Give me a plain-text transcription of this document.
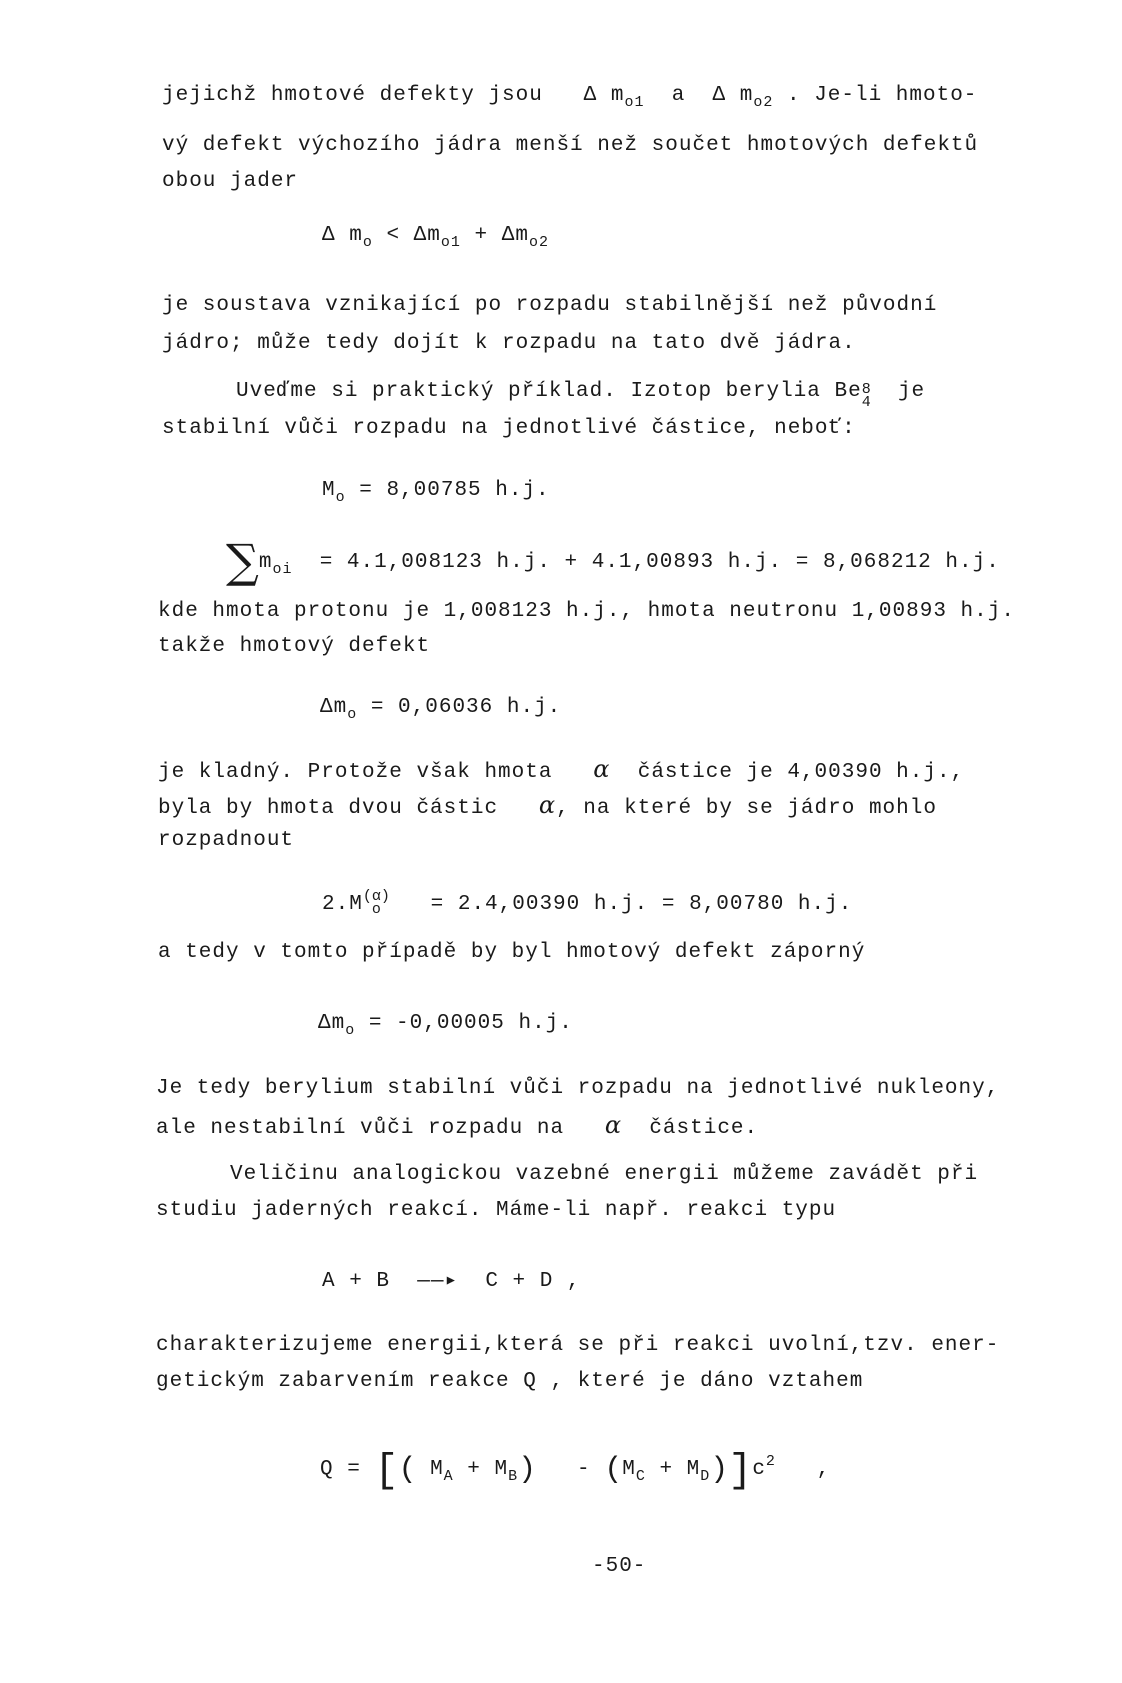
jejichž hmotové defekty jsou Δ $m_{o1}$ a Δ $m_{o2}$ . Je-li hmoto-
vý defekt výchozího jádra menší než součet hmotových defektů
obou jader
Δ $m_o < \Delta m_{o1} + \Delta m_{o2}$
je soustava vznikající po rozpadu stabilnější než původní
jádro; může tedy dojít k rozpadu na tato dvě jádra.
Uveďme si praktický příklad. Izotop berylia Be 8
4 je
stabilní vůči rozpadu na jednotlivé částice, neboť:
$M_o = 8,00785$ h.j.
$\sum m_{oi} = 4.1,008123$ h.j. + 4.1,00893 h.j. = 8,068212 h.j.
kde hmota protonu je 1,008123 h.j., hmota neutronu 1,00893 h.j.
takže hmotový defekt
$\Delta m_o = 0,06036$ h.j.
je kladný. Protože však hmota α částice je 4,00390 h.j.,
byla by hmota dvou částic α, na které by se jádro mohlo
rozpadnout
2.M (α)
o	= 2.4,00390 h.j. = 8,00780 h.j.
a tedy v tomto případě by byl hmotový defekt záporný
$\Delta m_o = -0,00005$ h.j.
Je tedy berylium stabilní vůči rozpadu na jednotlivé nukleony,
ale nestabilní vůči rozpadu na α částice.
Veličinu analogickou vazebné energii můžeme zavádět při
studiu jaderných reakcí. Máme-li např. reakci typu
A + B ——▸ C + D ,
charakterizujeme energii,která se při reakci uvolní,tzv. ener-
getickým zabarvením reakce Q , které je dáno vztahem
Q = [( $M_A + M_B) - (M_C + M_D)]c^2$ ,
-50-
